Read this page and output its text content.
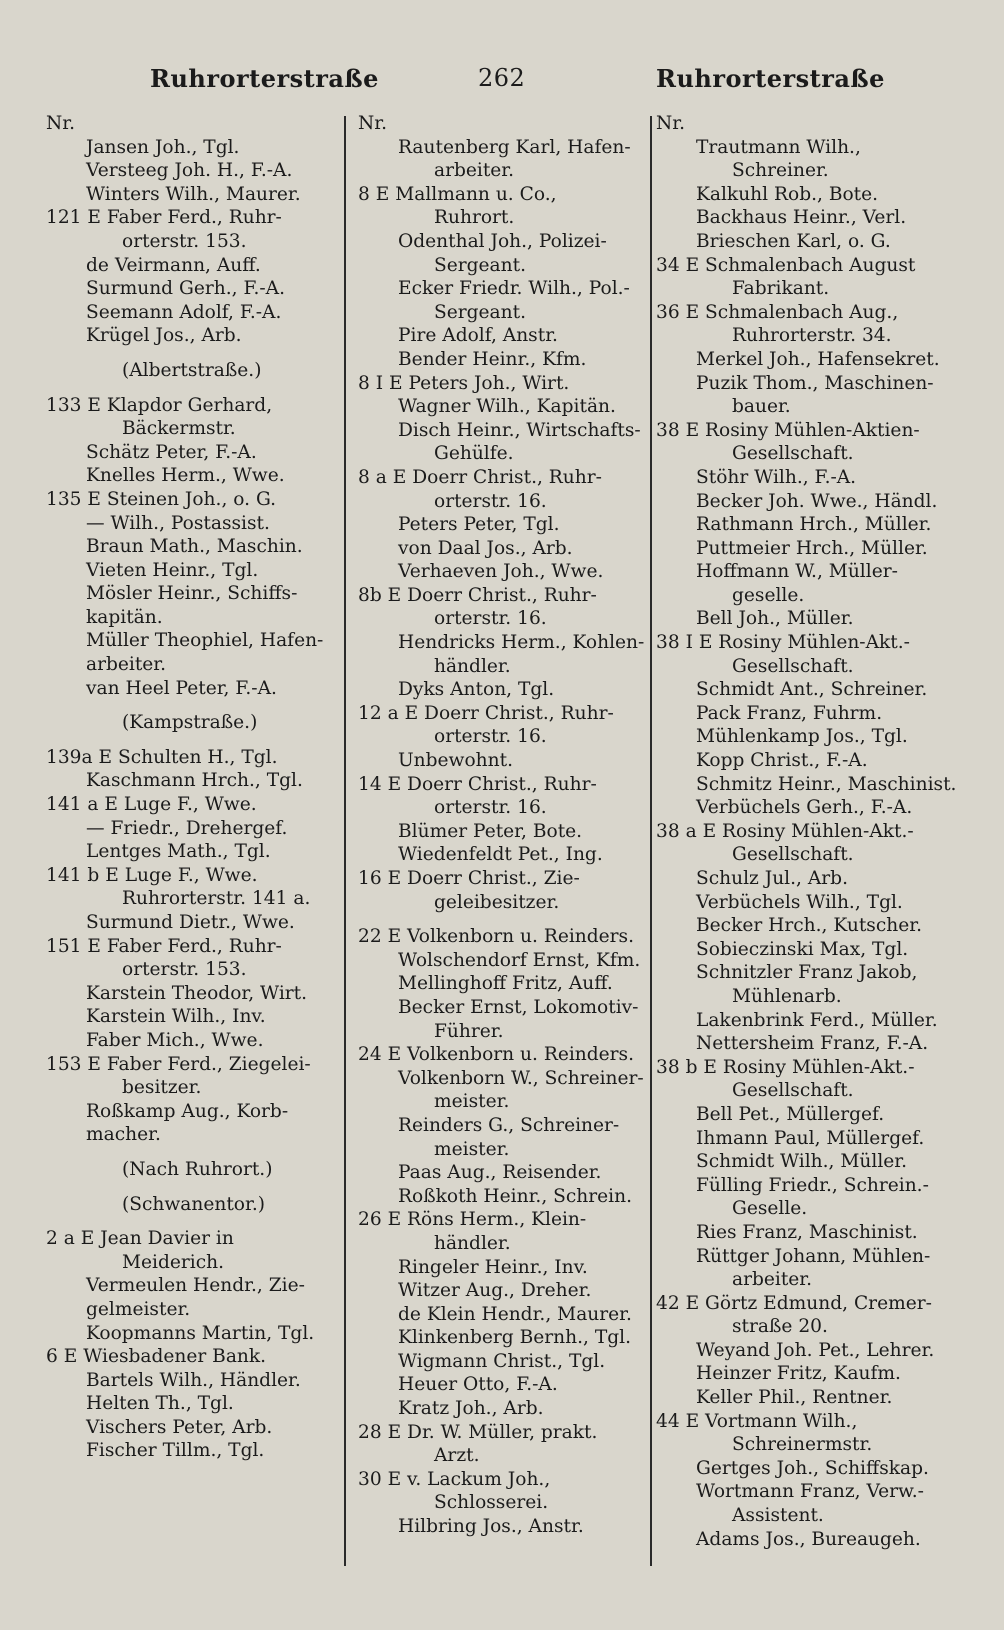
Ruhrorterstraße	262	Ruhrorterstraße
Nr.
Jansen Joh., Tgl.
Versteeg Joh. H., F.-A.
Winters Wilh., Maurer.
121 E Faber Ferd., Ruhr-
orterstr. 153.
de Veirmann, Auff.
Surmund Gerh., F.-A.
Seemann Adolf, F.-A.
Krügel Jos., Arb.
(Albertstraße.)
133 E Klapdor Gerhard,
Bäckermstr.
Schätz Peter, F.-A.
Knelles Herm., Wwe.
135 E Steinen Joh., o. G.
— Wilh., Postassist.
Braun Math., Maschin.
Vieten Heinr., Tgl.
Mösler Heinr., Schiffs-
kapitän.
Müller Theophiel, Hafen-
arbeiter.
van Heel Peter, F.-A.
(Kampstraße.)
139a E Schulten H., Tgl.
Kaschmann Hrch., Tgl.
141 a E Luge F., Wwe.
— Friedr., Drehergef.
Lentges Math., Tgl.
141 b E Luge F., Wwe.
Ruhrorterstr. 141 a.
Surmund Dietr., Wwe.
151 E Faber Ferd., Ruhr-
orterstr. 153.
Karstein Theodor, Wirt.
Karstein Wilh., Inv.
Faber Mich., Wwe.
153 E Faber Ferd., Ziegelei-
besitzer.
Roßkamp Aug., Korb-
macher.
(Nach Ruhrort.)
(Schwanentor.)
2 a E Jean Davier in
Meiderich.
Vermeulen Hendr., Zie-
gelmeister.
Koopmanns Martin, Tgl.
6 E Wiesbadener Bank.
Bartels Wilh., Händler.
Helten Th., Tgl.
Vischers Peter, Arb.
Fischer Tillm., Tgl.
Nr.
Rautenberg Karl, Hafen-
arbeiter.
8 E Mallmann u. Co.,
Ruhrort.
Odenthal Joh., Polizei-
Sergeant.
Ecker Friedr. Wilh., Pol.-
Sergeant.
Pire Adolf, Anstr.
Bender Heinr., Kfm.
8 I E Peters Joh., Wirt.
Wagner Wilh., Kapitän.
Disch Heinr., Wirtschafts-
Gehülfe.
8 a E Doerr Christ., Ruhr-
orterstr. 16.
Peters Peter, Tgl.
von Daal Jos., Arb.
Verhaeven Joh., Wwe.
8b E Doerr Christ., Ruhr-
orterstr. 16.
Hendricks Herm., Kohlen-
händler.
Dyks Anton, Tgl.
12 a E Doerr Christ., Ruhr-
orterstr. 16.
Unbewohnt.
14 E Doerr Christ., Ruhr-
orterstr. 16.
Blümer Peter, Bote.
Wiedenfeldt Pet., Ing.
16 E Doerr Christ., Zie-
geleibesitzer.
22 E Volkenborn u. Reinders.
Wolschendorf Ernst, Kfm.
Mellinghoff Fritz, Auff.
Becker Ernst, Lokomotiv-
Führer.
24 E Volkenborn u. Reinders.
Volkenborn W., Schreiner-
meister.
Reinders G., Schreiner-
meister.
Paas Aug., Reisender.
Roßkoth Heinr., Schrein.
26 E Röns Herm., Klein-
händler.
Ringeler Heinr., Inv.
Witzer Aug., Dreher.
de Klein Hendr., Maurer.
Klinkenberg Bernh., Tgl.
Wigmann Christ., Tgl.
Heuer Otto, F.-A.
Kratz Joh., Arb.
28 E Dr. W. Müller, prakt.
Arzt.
30 E v. Lackum Joh.,
Schlosserei.
Hilbring Jos., Anstr.
Nr.
Trautmann Wilh.,
Schreiner.
Kalkuhl Rob., Bote.
Backhaus Heinr., Verl.
Brieschen Karl, o. G.
34 E Schmalenbach August
Fabrikant.
36 E Schmalenbach Aug.,
Ruhrorterstr. 34.
Merkel Joh., Hafensekret.
Puzik Thom., Maschinen-
bauer.
38 E Rosiny Mühlen-Aktien-
Gesellschaft.
Stöhr Wilh., F.-A.
Becker Joh. Wwe., Händl.
Rathmann Hrch., Müller.
Puttmeier Hrch., Müller.
Hoffmann W., Müller-
geselle.
Bell Joh., Müller.
38 I E Rosiny Mühlen-Akt.-
Gesellschaft.
Schmidt Ant., Schreiner.
Pack Franz, Fuhrm.
Mühlenkamp Jos., Tgl.
Kopp Christ., F.-A.
Schmitz Heinr., Maschinist.
Verbüchels Gerh., F.-A.
38 a E Rosiny Mühlen-Akt.-
Gesellschaft.
Schulz Jul., Arb.
Verbüchels Wilh., Tgl.
Becker Hrch., Kutscher.
Sobieczinski Max, Tgl.
Schnitzler Franz Jakob,
Mühlenarb.
Lakenbrink Ferd., Müller.
Nettersheim Franz, F.-A.
38 b E Rosiny Mühlen-Akt.-
Gesellschaft.
Bell Pet., Müllergef.
Ihmann Paul, Müllergef.
Schmidt Wilh., Müller.
Fülling Friedr., Schrein.-
Geselle.
Ries Franz, Maschinist.
Rüttger Johann, Mühlen-
arbeiter.
42 E Görtz Edmund, Cremer-
straße 20.
Weyand Joh. Pet., Lehrer.
Heinzer Fritz, Kaufm.
Keller Phil., Rentner.
44 E Vortmann Wilh.,
Schreinermstr.
Gertges Joh., Schiffskap.
Wortmann Franz, Verw.-
Assistent.
Adams Jos., Bureaugeh.
